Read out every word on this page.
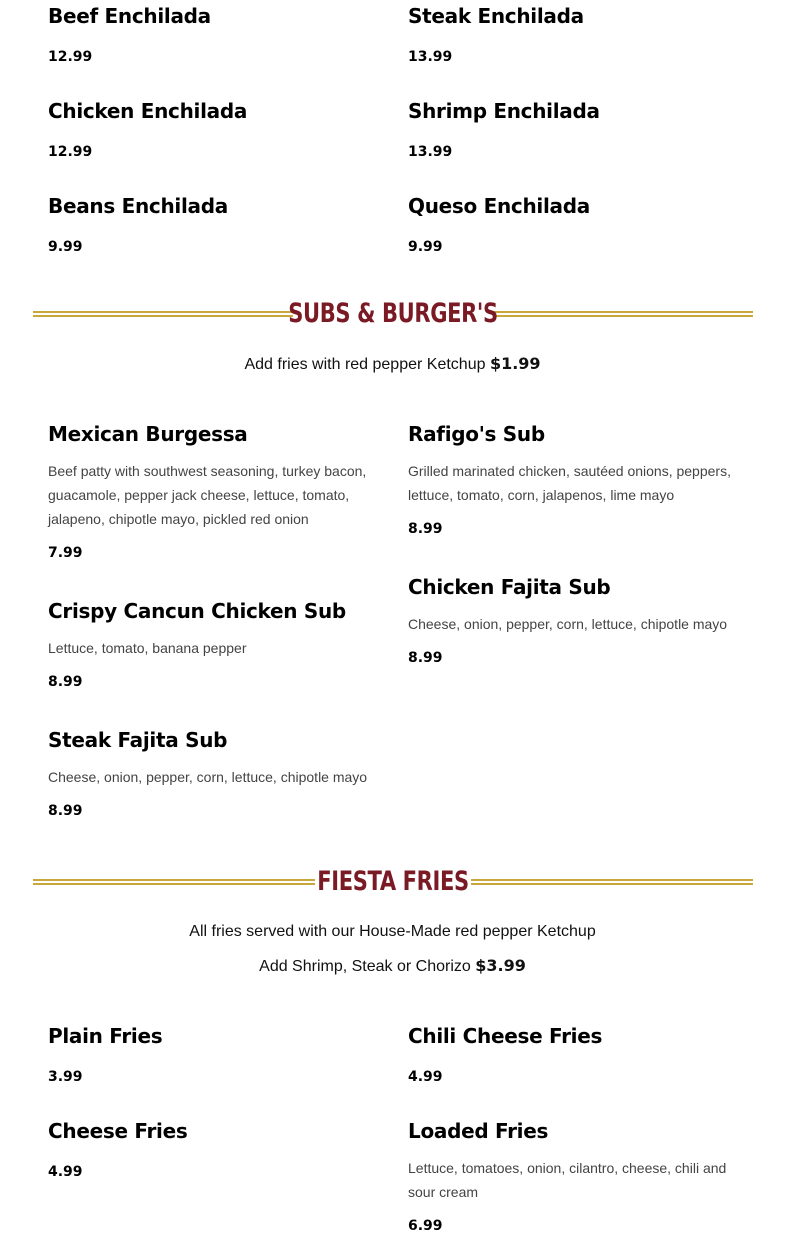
Beef Enchilada
12.99
Steak Enchilada
13.99
Chicken Enchilada
12.99
Shrimp Enchilada
13.99
Beans Enchilada
9.99
Queso Enchilada
9.99
SUBS & BURGER'S
Add fries with red pepper Ketchup $1.99
Mexican Burgessa
Beef patty with southwest seasoning, turkey bacon, guacamole, pepper jack cheese, lettuce, tomato, jalapeno, chipotle mayo, pickled red onion
7.99
Rafigo's Sub
Grilled marinated chicken, sautéed onions, peppers, lettuce, tomato, corn, jalapenos, lime mayo
8.99
Crispy Cancun Chicken Sub
Lettuce, tomato, banana pepper
8.99
Chicken Fajita Sub
Cheese, onion, pepper, corn, lettuce, chipotle mayo
8.99
Steak Fajita Sub
Cheese, onion, pepper, corn, lettuce, chipotle mayo
8.99
FIESTA FRIES
All fries served with our House-Made red pepper Ketchup
Add Shrimp, Steak or Chorizo $3.99
Plain Fries
3.99
Chili Cheese Fries
4.99
Cheese Fries
4.99
Loaded Fries
Lettuce, tomatoes, onion, cilantro, cheese, chili and sour cream
6.99
